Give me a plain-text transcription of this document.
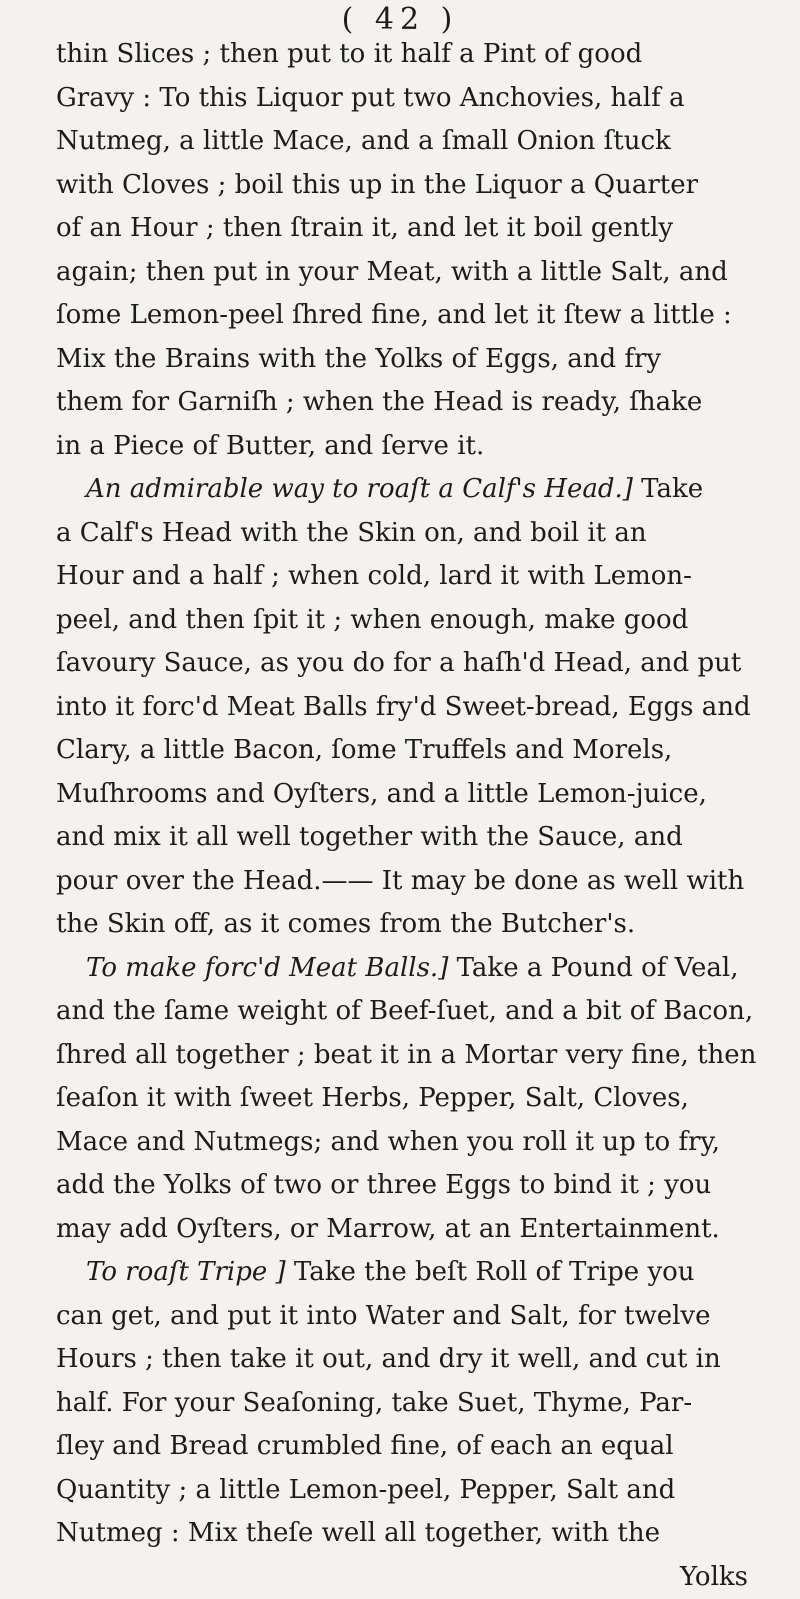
( 42 )
thin Slices ; then put to it half a Pint of good
Gravy : To this Liquor put two Anchovies, half a
Nutmeg, a little Mace, and a ſmall Onion ſtuck
with Cloves ; boil this up in the Liquor a Quarter
of an Hour ; then ſtrain it, and let it boil gently
again; then put in your Meat, with a little Salt, and
ſome Lemon-peel ſhred fine, and let it ſtew a little :
Mix the Brains with the Yolks of Eggs, and fry
them for Garniſh ; when the Head is ready, ſhake
in a Piece of Butter, and ſerve it.
An admirable way to roaſt a Calf's Head.] Take
a Calf's Head with the Skin on, and boil it an
Hour and a half ; when cold, lard it with Lemon-
peel, and then ſpit it ; when enough, make good
ſavoury Sauce, as you do for a haſh'd Head, and put
into it forc'd Meat Balls fry'd Sweet-bread, Eggs and
Clary, a little Bacon, ſome Truffels and Morels,
Muſhrooms and Oyſters, and a little Lemon-juice,
and mix it all well together with the Sauce, and
pour over the Head.—— It may be done as well with
the Skin off, as it comes from the Butcher's.
To make forc'd Meat Balls.] Take a Pound of Veal,
and the ſame weight of Beef-ſuet, and a bit of Bacon,
ſhred all together ; beat it in a Mortar very fine, then
ſeaſon it with ſweet Herbs, Pepper, Salt, Cloves,
Mace and Nutmegs; and when you roll it up to fry,
add the Yolks of two or three Eggs to bind it ; you
may add Oyſters, or Marrow, at an Entertainment.
To roaſt Tripe ] Take the beſt Roll of Tripe you
can get, and put it into Water and Salt, for twelve
Hours ; then take it out, and dry it well, and cut in
half. For your Seaſoning, take Suet, Thyme, Par-
ſley and Bread crumbled fine, of each an equal
Quantity ; a little Lemon-peel, Pepper, Salt and
Nutmeg : Mix theſe well all together, with the
Yolks
